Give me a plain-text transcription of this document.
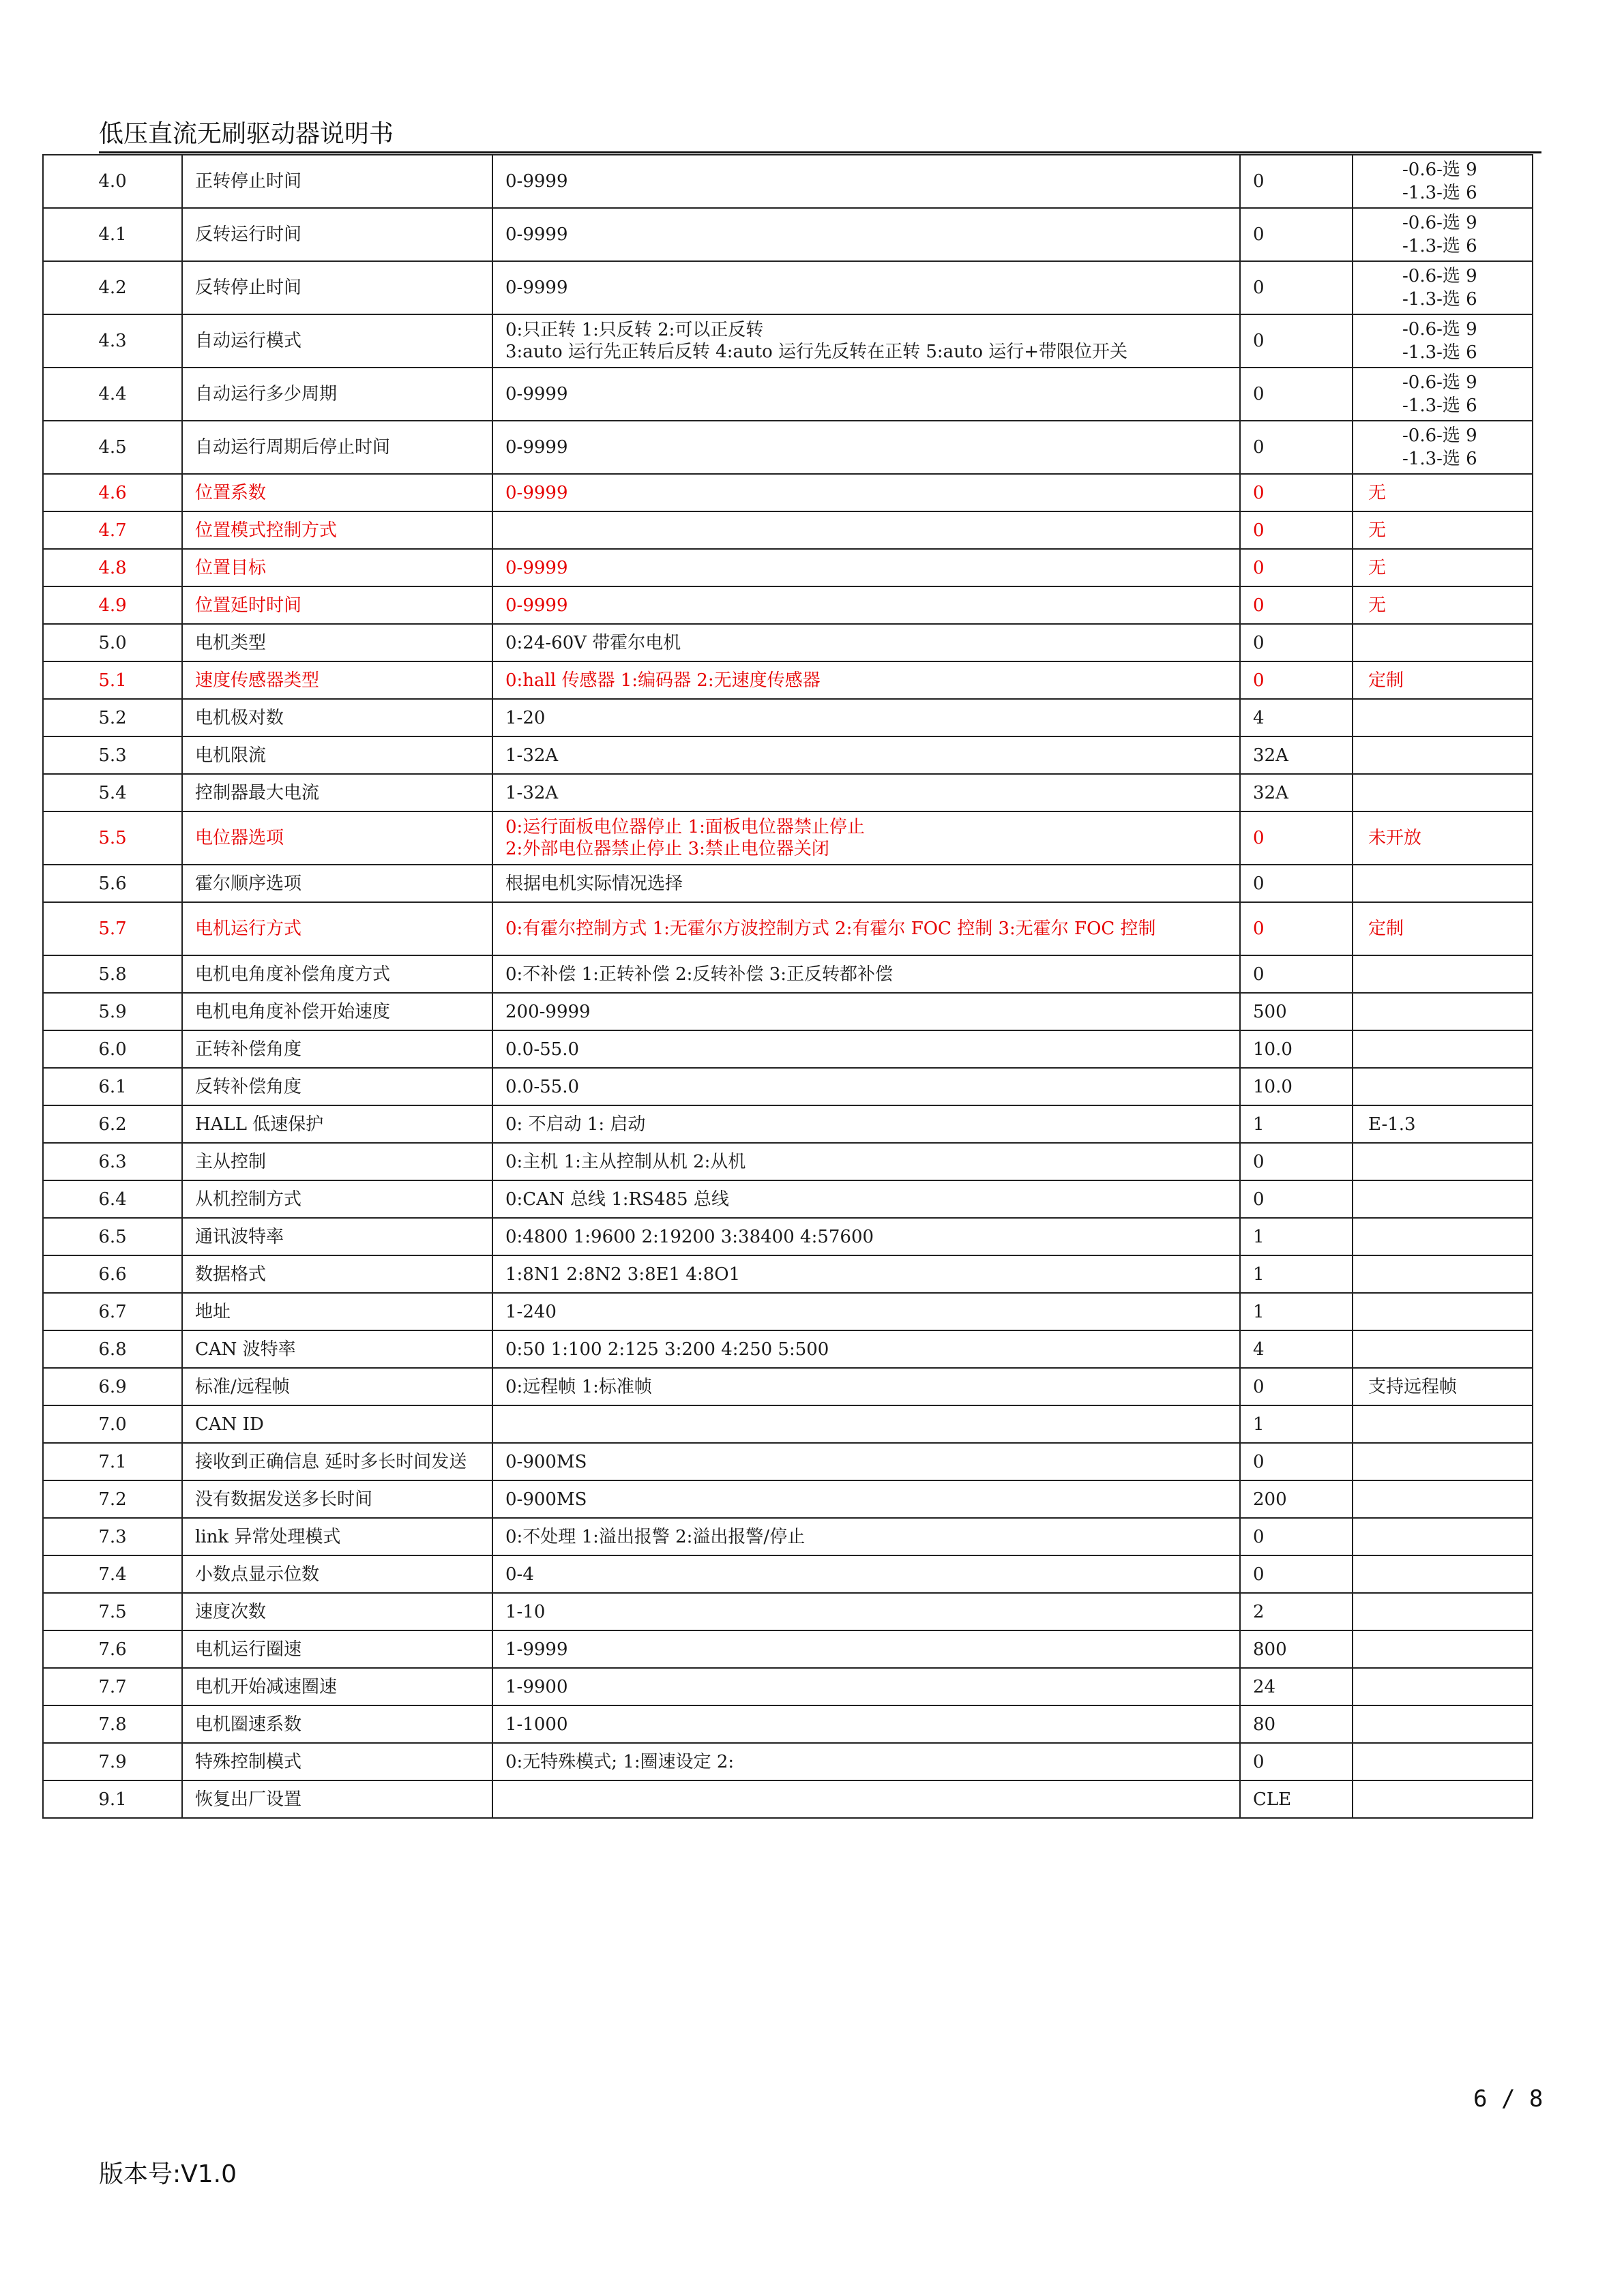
低压直流无刷驱动器说明书
4.0	正转停止时间	0-9999	0	-0.6-选 9
-1.3-选 6

4.1	反转运行时间	0-9999	0	-0.6-选 9
-1.3-选 6

4.2	反转停止时间	0-9999	0	-0.6-选 9
-1.3-选 6

4.3	自动运行模式	0:只正转 1:只反转 2:可以正反转
3:auto 运行先正转后反转 4:auto 运行先反转在正转 5:auto 运行+带限位开关	0	-0.6-选 9
-1.3-选 6

4.4	自动运行多少周期	0-9999	0	-0.6-选 9
-1.3-选 6

4.5	自动运行周期后停止时间	0-9999	0	-0.6-选 9
-1.3-选 6

4.6	位置系数	0-9999	0	无

4.7	位置模式控制方式		0	无

4.8	位置目标	0-9999	0	无

4.9	位置延时时间	0-9999	0	无

5.0	电机类型	0:24-60V 带霍尔电机	0	

5.1	速度传感器类型	0:hall 传感器 1:编码器 2:无速度传感器	0	定制

5.2	电机极对数	1-20	4	

5.3	电机限流	1-32A	32A	

5.4	控制器最大电流	1-32A	32A	

5.5	电位器选项	0:运行面板电位器停止 1:面板电位器禁止停止
2:外部电位器禁止停止 3:禁止电位器关闭	0	未开放

5.6	霍尔顺序选项	根据电机实际情况选择	0	

5.7	电机运行方式	0:有霍尔控制方式 1:无霍尔方波控制方式 2:有霍尔 FOC 控制 3:无霍尔 FOC 控制	0	定制

5.8	电机电角度补偿角度方式	0:不补偿 1:正转补偿 2:反转补偿 3:正反转都补偿	0	

5.9	电机电角度补偿开始速度	200-9999	500	

6.0	正转补偿角度	0.0-55.0	10.0	

6.1	反转补偿角度	0.0-55.0	10.0	

6.2	HALL 低速保护	0: 不启动 1: 启动	1	E-1.3

6.3	主从控制	0:主机 1:主从控制从机 2:从机	0	

6.4	从机控制方式	0:CAN 总线 1:RS485 总线	0	

6.5	通讯波特率	0:4800 1:9600 2:19200 3:38400 4:57600	1	

6.6	数据格式	1:8N1 2:8N2 3:8E1 4:8O1	1	

6.7	地址	1-240	1	

6.8	CAN 波特率	0:50 1:100 2:125 3:200 4:250 5:500	4	

6.9	标准/远程帧	0:远程帧 1:标准帧	0	支持远程帧

7.0	CAN ID		1	

7.1	接收到正确信息 延时多长时间发送	0-900MS	0	

7.2	没有数据发送多长时间	0-900MS	200	

7.3	link 异常处理模式	0:不处理 1:溢出报警 2:溢出报警/停止	0	

7.4	小数点显示位数	0-4	0	

7.5	速度次数	1-10	2	

7.6	电机运行圈速	1-9999	800	

7.7	电机开始减速圈速	1-9900	24	

7.8	电机圈速系数	1-1000	80	

7.9	特殊控制模式	0:无特殊模式; 1:圈速设定 2:	0	

9.1	恢复出厂设置		CLE	
6 / 8
版本号:V1.0
